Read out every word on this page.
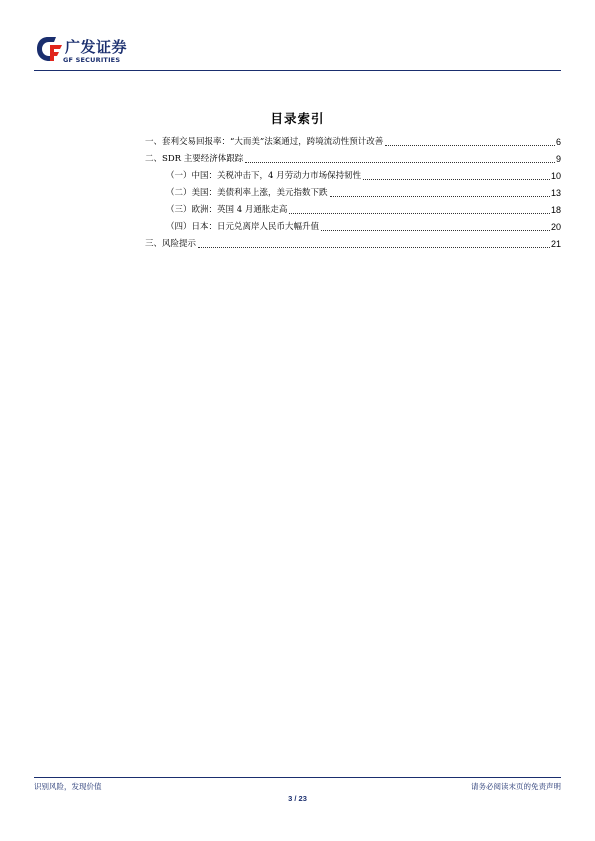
广发证券
GF SECURITIES
目录索引
一、套利交易回报率：“大而美”法案通过，跨境流动性预计改善	6
二、SDR 主要经济体跟踪	9
（一）中国：关税冲击下，4 月劳动力市场保持韧性	10
（二）美国：美债利率上涨，美元指数下跌	13
（三）欧洲：英国 4 月通胀走高	18
（四）日本：日元兑离岸人民币大幅升值	20
三、风险提示	21
识别风险，发现价值	请务必阅读末页的免责声明
3 / 23
